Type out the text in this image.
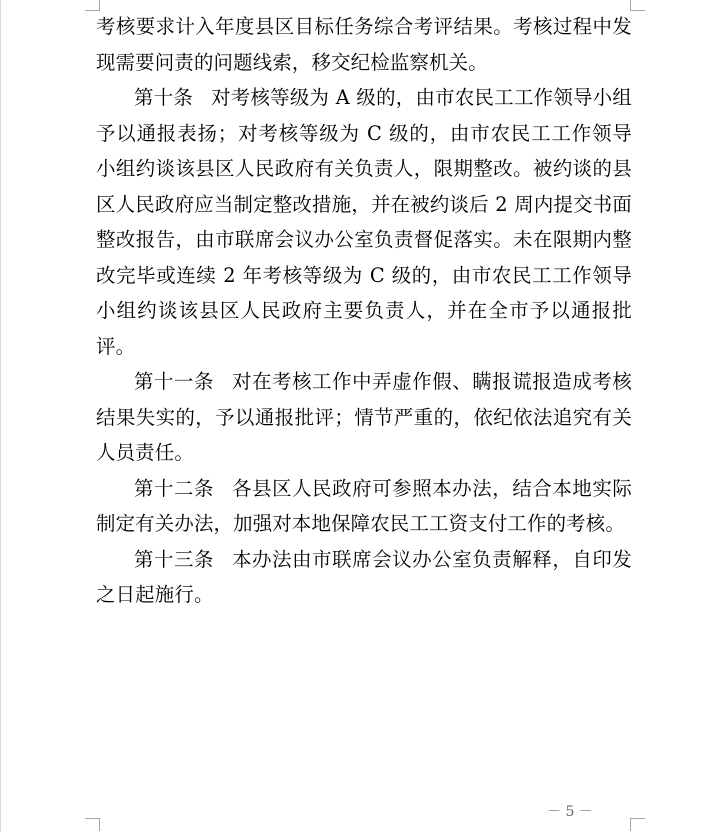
考核要求计入年度县区目标任务综合考评结果。考核过程中发现需要问责的问题线索，移交纪检监察机关。

第十条 对考核等级为 A 级的，由市农民工工作领导小组予以通报表扬；对考核等级为 C 级的，由市农民工工作领导小组约谈该县区人民政府有关负责人，限期整改。被约谈的县区人民政府应当制定整改措施，并在被约谈后 2 周内提交书面整改报告，由市联席会议办公室负责督促落实。未在限期内整改完毕或连续 2 年考核等级为 C 级的，由市农民工工作领导小组约谈该县区人民政府主要负责人，并在全市予以通报批评。

第十一条 对在考核工作中弄虚作假、瞒报谎报造成考核结果失实的，予以通报批评；情节严重的，依纪依法追究有关人员责任。

第十二条 各县区人民政府可参照本办法，结合本地实际制定有关办法，加强对本地保障农民工工资支付工作的考核。

第十三条 本办法由市联席会议办公室负责解释，自印发之日起施行。

－ 5 －
